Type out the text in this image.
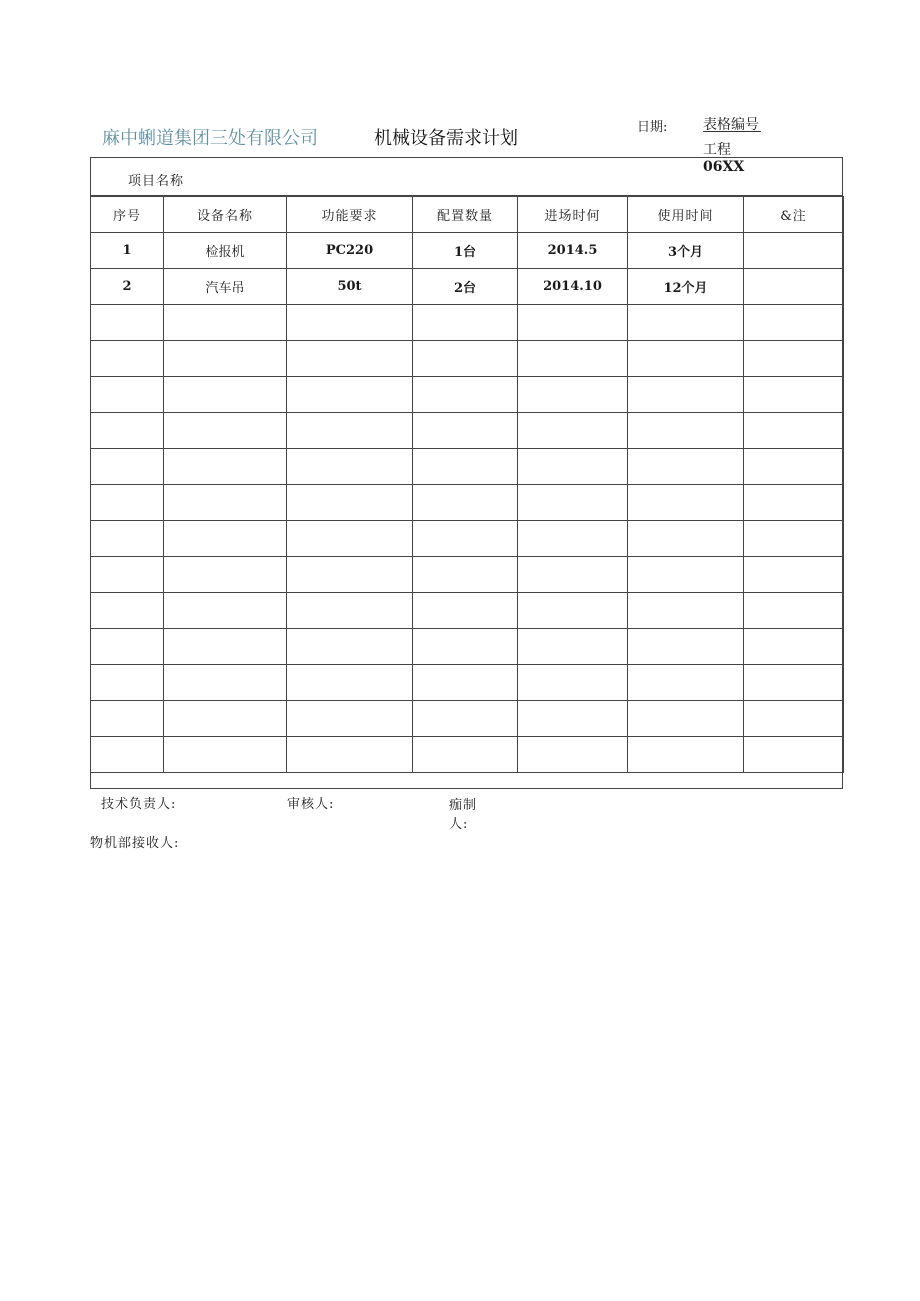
麻中蜊道集团三处有限公司	机械设备需求计划
日期:	表格编号
工程
06XX
项目名称
序号	设备名称	功能要求	配置数量	进场时何	使用时间	&注
1	检报机	PC220	1台	2014.5	3个月	
2	汽车吊	50t	2台	2014.10	12个月	

技术负责人:	审核人:	痂制
人:
物机部接收人:
